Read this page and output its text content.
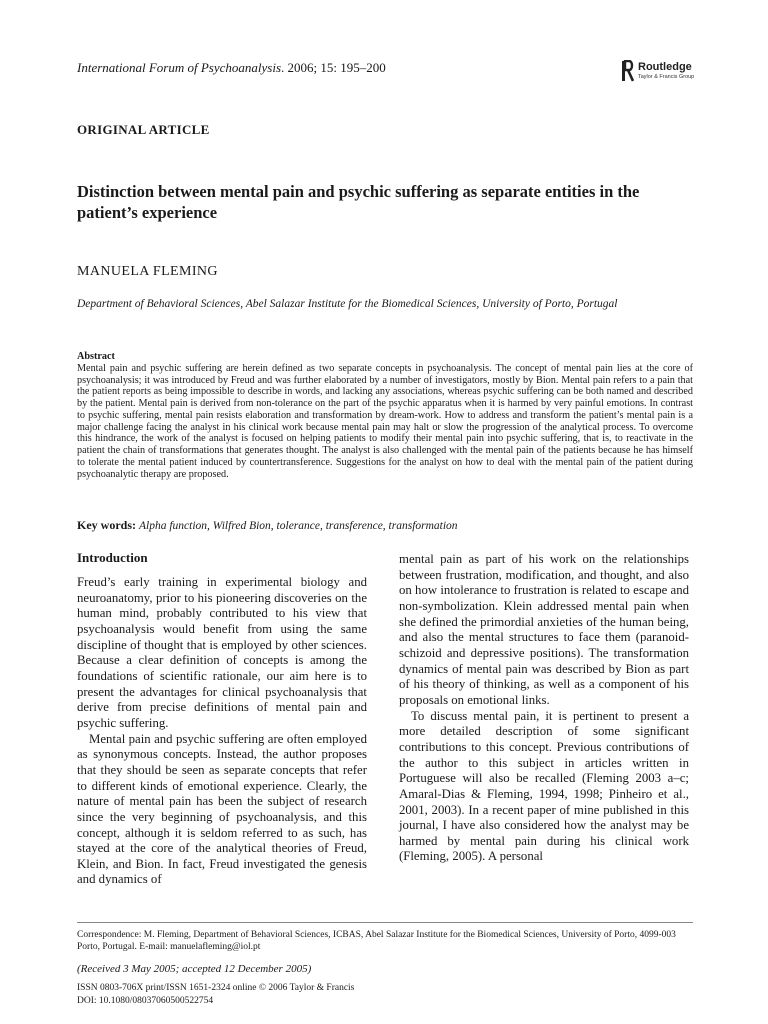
International Forum of Psychoanalysis. 2006; 15: 195–200	Routledge
Taylor & Francis Group
ORIGINAL ARTICLE
Distinction between mental pain and psychic suffering as separate entities in the patient’s experience
MANUELA FLEMING
Department of Behavioral Sciences, Abel Salazar Institute for the Biomedical Sciences, University of Porto, Portugal
Abstract
Mental pain and psychic suffering are herein defined as two separate concepts in psychoanalysis. The concept of mental pain lies at the core of psychoanalysis; it was introduced by Freud and was further elaborated by a number of investigators, mostly by Bion. Mental pain refers to a pain that the patient reports as being impossible to describe in words, and lacking any associations, whereas psychic suffering can be both named and described by the patient. Mental pain is derived from non-tolerance on the part of the psychic apparatus when it is harmed by very painful emotions. In contrast to psychic suffering, mental pain resists elaboration and transformation by dream-work. How to address and transform the patient’s mental pain is a major challenge facing the analyst in his clinical work because mental pain may halt or slow the progression of the analytical process. To overcome this hindrance, the work of the analyst is focused on helping patients to modify their mental pain into psychic suffering, that is, to reactivate in the patient the chain of transformations that generates thought. The analyst is also challenged with the mental pain of the patients because he has himself to tolerate the mental patient induced by countertransference. Suggestions for the analyst on how to deal with the mental pain of the patient during psychoanalytic therapy are proposed.
Key words: Alpha function, Wilfred Bion, tolerance, transference, transformation
Introduction

Freud’s early training in experimental biology and neuroanatomy, prior to his pioneering discoveries on the human mind, probably contributed to his view that psychoanalysis would benefit from using the same discipline of thought that is employed by other sciences. Because a clear definition of concepts is among the foundations of scientific rationale, our aim here is to present the advantages for clinical psychoanalysis that derive from precise definitions of mental pain and psychic suffering.

Mental pain and psychic suffering are often employed as synonymous concepts. Instead, the author proposes that they should be seen as separate concepts that refer to different kinds of emotional experience. Clearly, the nature of mental pain has been the subject of research since the very beginning of psychoanalysis, and this concept, although it is seldom referred to as such, has stayed at the core of the analytical theories of Freud, Klein, and Bion. In fact, Freud investigated the genesis and dynamics of

mental pain as part of his work on the relationships between frustration, modification, and thought, and also on how intolerance to frustration is related to escape and non-symbolization. Klein addressed mental pain when she defined the primordial anxieties of the human being, and also the mental structures to face them (paranoid-schizoid and depressive positions). The transformation dynamics of mental pain was described by Bion as part of his theory of thinking, as well as a component of his proposals on emotional links.

To discuss mental pain, it is pertinent to present a more detailed description of some significant contributions to this concept. Previous contributions of the author to this subject in articles written in Portuguese will also be recalled (Fleming 2003 a–c; Amaral-Dias & Fleming, 1994, 1998; Pinheiro et al., 2001, 2003). In a recent paper of mine published in this journal, I have also considered how the analyst may be harmed by mental pain during his clinical work (Fleming, 2005). A personal

Correspondence: M. Fleming, Department of Behavioral Sciences, ICBAS, Abel Salazar Institute for the Biomedical Sciences, University of Porto, 4099-003 Porto, Portugal. E-mail: manuelafleming@iol.pt
(Received 3 May 2005; accepted 12 December 2005)
ISSN 0803-706X print/ISSN 1651-2324 online © 2006 Taylor & Francis
DOI: 10.1080/08037060500522754
